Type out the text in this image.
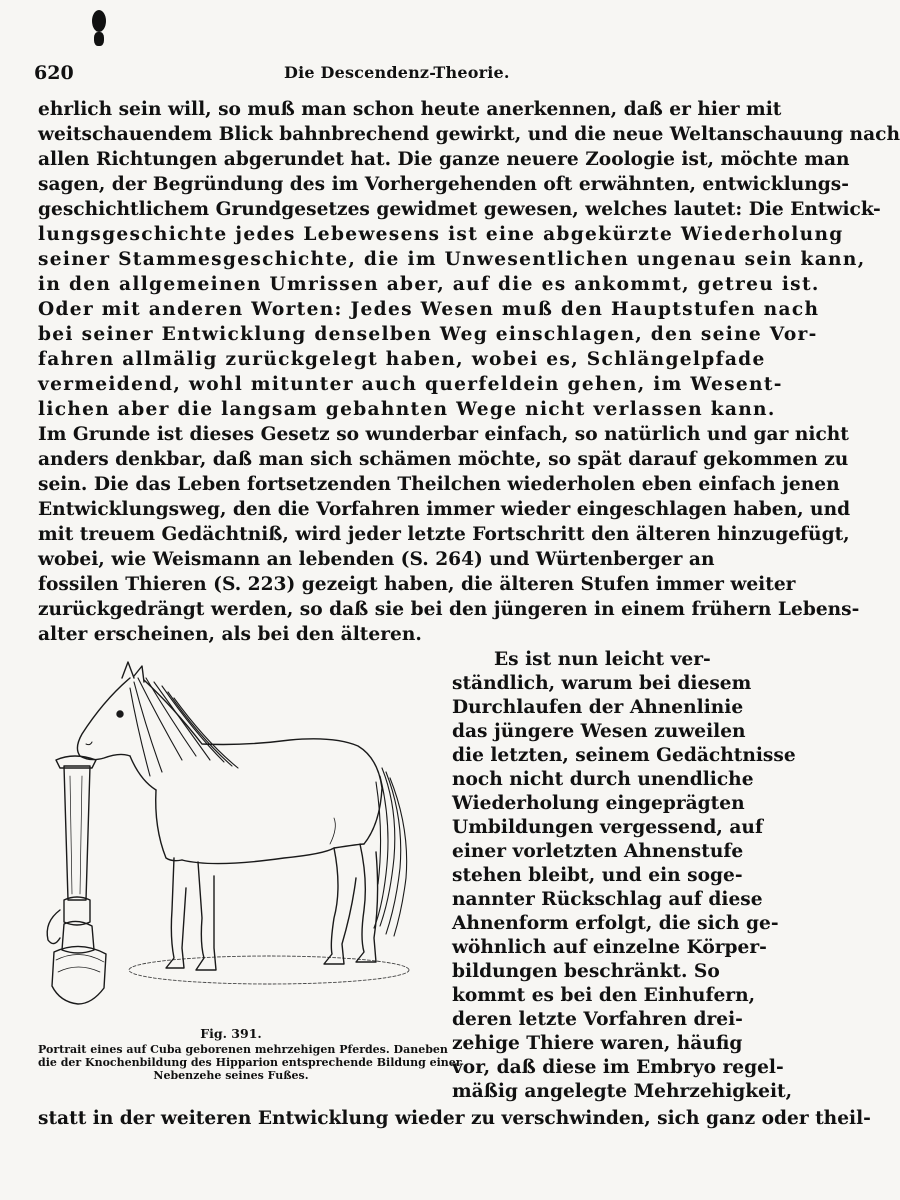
620	Die Descendenz-Theorie.
ehrlich sein will, so muß man schon heute anerkennen, daß er hier mit
weitschauendem Blick bahnbrechend gewirkt, und die neue Weltanschauung nach
allen Richtungen abgerundet hat. Die ganze neuere Zoologie ist, möchte man
sagen, der Begründung des im Vorhergehenden oft erwähnten, entwicklungs-
geschichtlichem Grundgesetzes gewidmet gewesen, welches lautet: Die Entwick-
lungsgeschichte jedes Lebewesens ist eine abgekürzte Wiederholung
seiner Stammesgeschichte, die im Unwesentlichen ungenau sein kann,
in den allgemeinen Umrissen aber, auf die es ankommt, getreu ist.
Oder mit anderen Worten: Jedes Wesen muß den Hauptstufen nach
bei seiner Entwicklung denselben Weg einschlagen, den seine Vor-
fahren allmälig zurückgelegt haben, wobei es, Schlängelpfade
vermeidend, wohl mitunter auch querfeldein gehen, im Wesent-
lichen aber die langsam gebahnten Wege nicht verlassen kann.
Im Grunde ist dieses Gesetz so wunderbar einfach, so natürlich und gar nicht
anders denkbar, daß man sich schämen möchte, so spät darauf gekommen zu
sein. Die das Leben fortsetzenden Theilchen wiederholen eben einfach jenen
Entwicklungsweg, den die Vorfahren immer wieder eingeschlagen haben, und
mit treuem Gedächtniß, wird jeder letzte Fortschritt den älteren hinzugefügt,
wobei, wie Weismann an lebenden (S. 264) und Würtenberger an
fossilen Thieren (S. 223) gezeigt haben, die älteren Stufen immer weiter
zurückgedrängt werden, so daß sie bei den jüngeren in einem frühern Lebens-
alter erscheinen, als bei den älteren.
Es ist nun leicht ver-
ständlich, warum bei diesem
Durchlaufen der Ahnenlinie
das jüngere Wesen zuweilen
die letzten, seinem Gedächtnisse
noch nicht durch unendliche
Wiederholung eingeprägten
Umbildungen vergessend, auf
einer vorletzten Ahnenstufe
stehen bleibt, und ein soge-
nannter Rückschlag auf diese
Ahnenform erfolgt, die sich ge-
wöhnlich auf einzelne Körper-
bildungen beschränkt. So
kommt es bei den Einhufern,
deren letzte Vorfahren drei-
zehige Thiere waren, häufig
vor, daß diese im Embryo regel-
mäßig angelegte Mehrzehigkeit,
statt in der weiteren Entwicklung wieder zu verschwinden, sich ganz oder theil-
Fig. 391.
Portrait eines auf Cuba geborenen mehrzehigen Pferdes. Daneben
die der Knochenbildung des Hipparion entsprechende Bildung einer
Nebenzehe seines Fußes.
